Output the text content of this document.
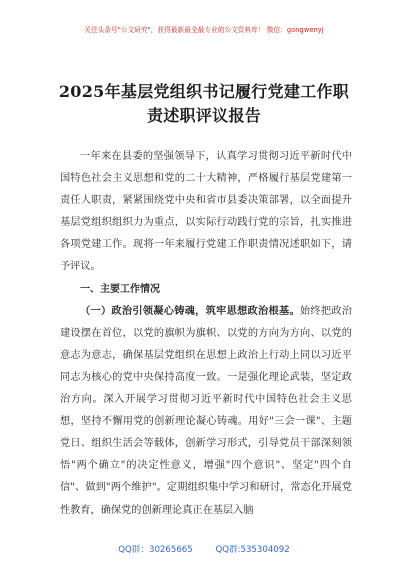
关注头条号"公文研究"，获得最新最全最专业的公文资料库！ 微信：gongwenyj
2025年基层党组织书记履行党建工作职
责述职评议报告

一年来在县委的坚强领导下，认真学习贯彻习近平新时代中国特色社会主义思想和党的二十大精神，严格履行基层党建第一责任人职责，紧紧围绕党中央和省市县委决策部署，以全面提升基层党组织组织力为重点，以实际行动践行党的宗旨，扎实推进各项党建工作。现将一年来履行党建工作职责情况述职如下，请予评议。

一、主要工作情况

（一）政治引领凝心铸魂，筑牢思想政治根基。始终把政治建设摆在首位，以党的旗帜为旗帜、以党的方向为方向、以党的意志为意志，确保基层党组织在思想上政治上行动上同以习近平同志为核心的党中央保持高度一致。一是强化理论武装，坚定政治方向。深入开展学习贯彻习近平新时代中国特色社会主义思想，坚持不懈用党的创新理论凝心铸魂。用好"三会一课"、主题党日、组织生活会等载体，创新学习形式，引导党员干部深刻领悟"两个确立"的决定性意义，增强"四个意识"、坚定"四个自信"、做到"两个维护"。定期组织集中学习和研讨，常态化开展党性教育，确保党的创新理论真正在基层入脑

QQ群：30265665	QQ群:535304092
